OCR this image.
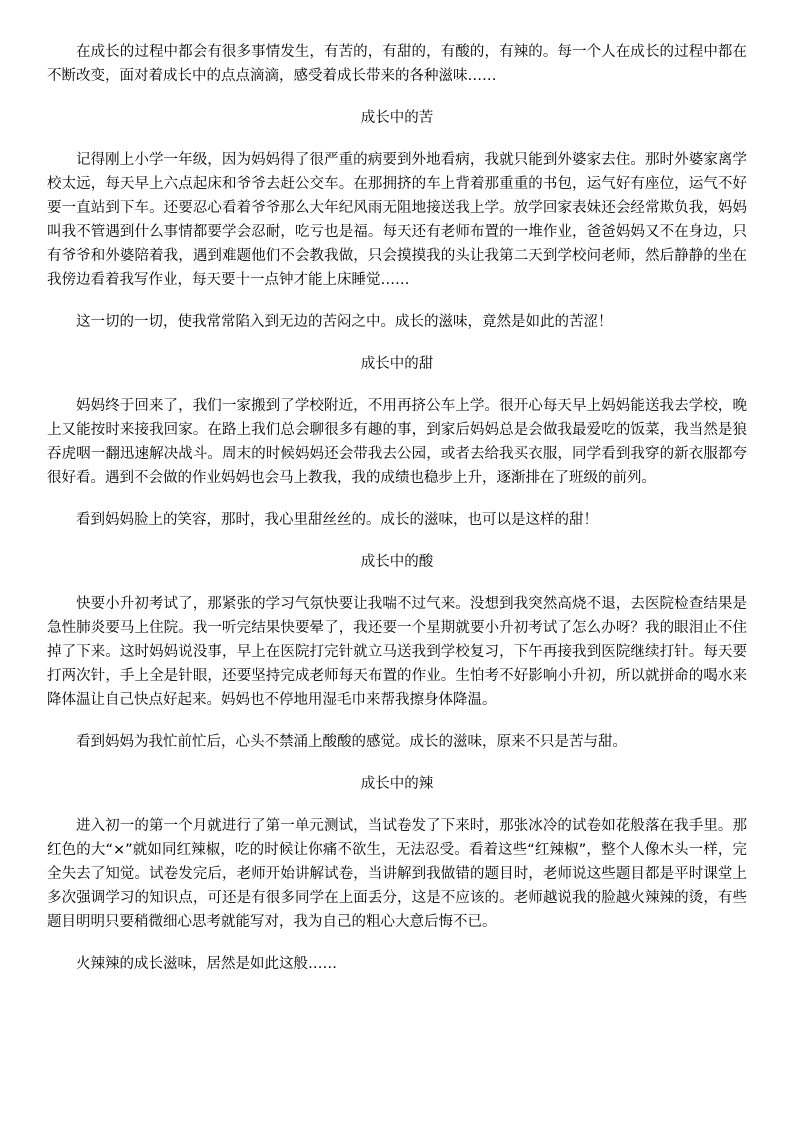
在成长的过程中都会有很多事情发生，有苦的，有甜的，有酸的，有辣的。每一个人在成长的过程中都在不断改变，面对着成长中的点点滴滴，感受着成长带来的各种滋味……

成长中的苦

记得刚上小学一年级，因为妈妈得了很严重的病要到外地看病，我就只能到外婆家去住。那时外婆家离学校太远，每天早上六点起床和爷爷去赶公交车。在那拥挤的车上背着那重重的书包，运气好有座位，运气不好要一直站到下车。还要忍心看着爷爷那么大年纪风雨无阻地接送我上学。放学回家表妹还会经常欺负我，妈妈叫我不管遇到什么事情都要学会忍耐，吃亏也是福。每天还有老师布置的一堆作业，爸爸妈妈又不在身边，只有爷爷和外婆陪着我，遇到难题他们不会教我做，只会摸摸我的头让我第二天到学校问老师，然后静静的坐在我傍边看着我写作业，每天要十一点钟才能上床睡觉……

这一切的一切，使我常常陷入到无边的苦闷之中。成长的滋味，竟然是如此的苦涩！

成长中的甜

妈妈终于回来了，我们一家搬到了学校附近，不用再挤公车上学。很开心每天早上妈妈能送我去学校，晚上又能按时来接我回家。在路上我们总会聊很多有趣的事，到家后妈妈总是会做我最爱吃的饭菜，我当然是狼吞虎咽一翻迅速解决战斗。周末的时候妈妈还会带我去公园，或者去给我买衣服，同学看到我穿的新衣服都夸很好看。遇到不会做的作业妈妈也会马上教我，我的成绩也稳步上升，逐渐排在了班级的前列。

看到妈妈脸上的笑容，那时，我心里甜丝丝的。成长的滋味，也可以是这样的甜！

成长中的酸

快要小升初考试了，那紧张的学习气氛快要让我喘不过气来。没想到我突然高烧不退，去医院检查结果是急性肺炎要马上住院。我一听完结果快要晕了，我还要一个星期就要小升初考试了怎么办呀？我的眼泪止不住掉了下来。这时妈妈说没事，早上在医院打完针就立马送我到学校复习，下午再接我到医院继续打针。每天要打两次针，手上全是针眼，还要坚持完成老师每天布置的作业。生怕考不好影响小升初，所以就拼命的喝水来降体温让自己快点好起来。妈妈也不停地用湿毛巾来帮我擦身体降温。

看到妈妈为我忙前忙后，心头不禁涌上酸酸的感觉。成长的滋味，原来不只是苦与甜。

成长中的辣

进入初一的第一个月就进行了第一单元测试，当试卷发了下来时，那张冰冷的试卷如花般落在我手里。那红色的大“×”就如同红辣椒，吃的时候让你痛不欲生，无法忍受。看着这些“红辣椒”，整个人像木头一样，完全失去了知觉。试卷发完后，老师开始讲解试卷，当讲解到我做错的题目时，老师说这些题目都是平时课堂上多次强调学习的知识点，可还是有很多同学在上面丢分，这是不应该的。老师越说我的脸越火辣辣的烫，有些题目明明只要稍微细心思考就能写对，我为自己的粗心大意后悔不已。

火辣辣的成长滋味，居然是如此这般……
